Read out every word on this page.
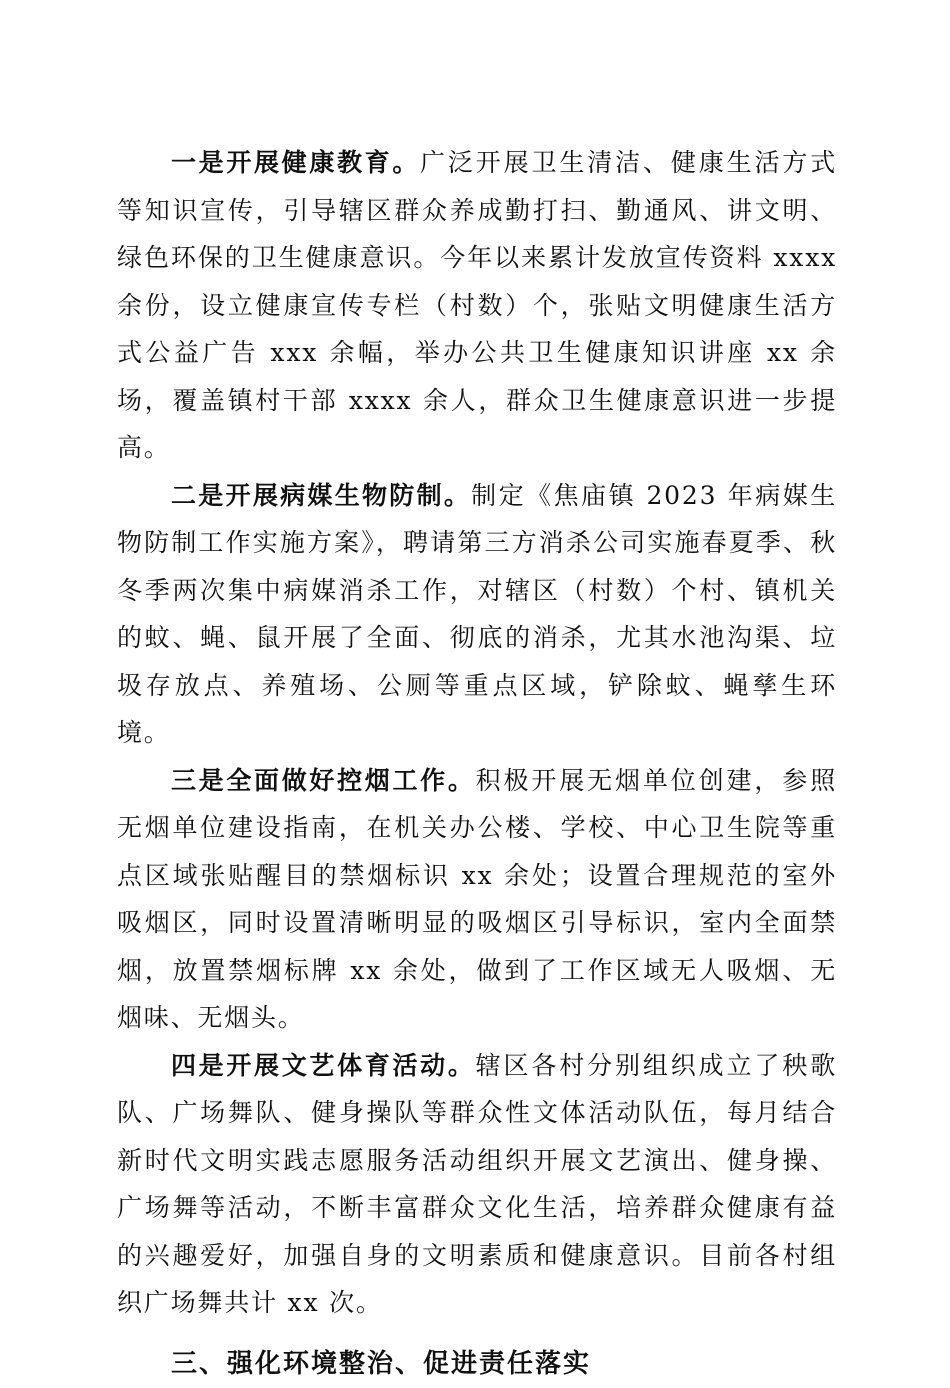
一是开展健康教育。广泛开展卫生清洁、健康生活方式等知识宣传，引导辖区群众养成勤打扫、勤通风、讲文明、绿色环保的卫生健康意识。今年以来累计发放宣传资料 xxxx 余份，设立健康宣传专栏（村数）个，张贴文明健康生活方式公益广告 xxx 余幅，举办公共卫生健康知识讲座 xx 余场，覆盖镇村干部 xxxx 余人，群众卫生健康意识进一步提高。

二是开展病媒生物防制。制定《焦庙镇 2023 年病媒生物防制工作实施方案》，聘请第三方消杀公司实施春夏季、秋冬季两次集中病媒消杀工作，对辖区（村数）个村、镇机关的蚊、蝇、鼠开展了全面、彻底的消杀，尤其水池沟渠、垃圾存放点、养殖场、公厕等重点区域，铲除蚊、蝇孳生环境。

三是全面做好控烟工作。积极开展无烟单位创建，参照无烟单位建设指南，在机关办公楼、学校、中心卫生院等重点区域张贴醒目的禁烟标识 xx 余处；设置合理规范的室外吸烟区，同时设置清晰明显的吸烟区引导标识，室内全面禁烟，放置禁烟标牌 xx 余处，做到了工作区域无人吸烟、无烟味、无烟头。

四是开展文艺体育活动。辖区各村分别组织成立了秧歌队、广场舞队、健身操队等群众性文体活动队伍，每月结合新时代文明实践志愿服务活动组织开展文艺演出、健身操、广场舞等活动，不断丰富群众文化生活，培养群众健康有益的兴趣爱好，加强自身的文明素质和健康意识。目前各村组织广场舞共计 xx 次。

三、强化环境整治、促进责任落实
